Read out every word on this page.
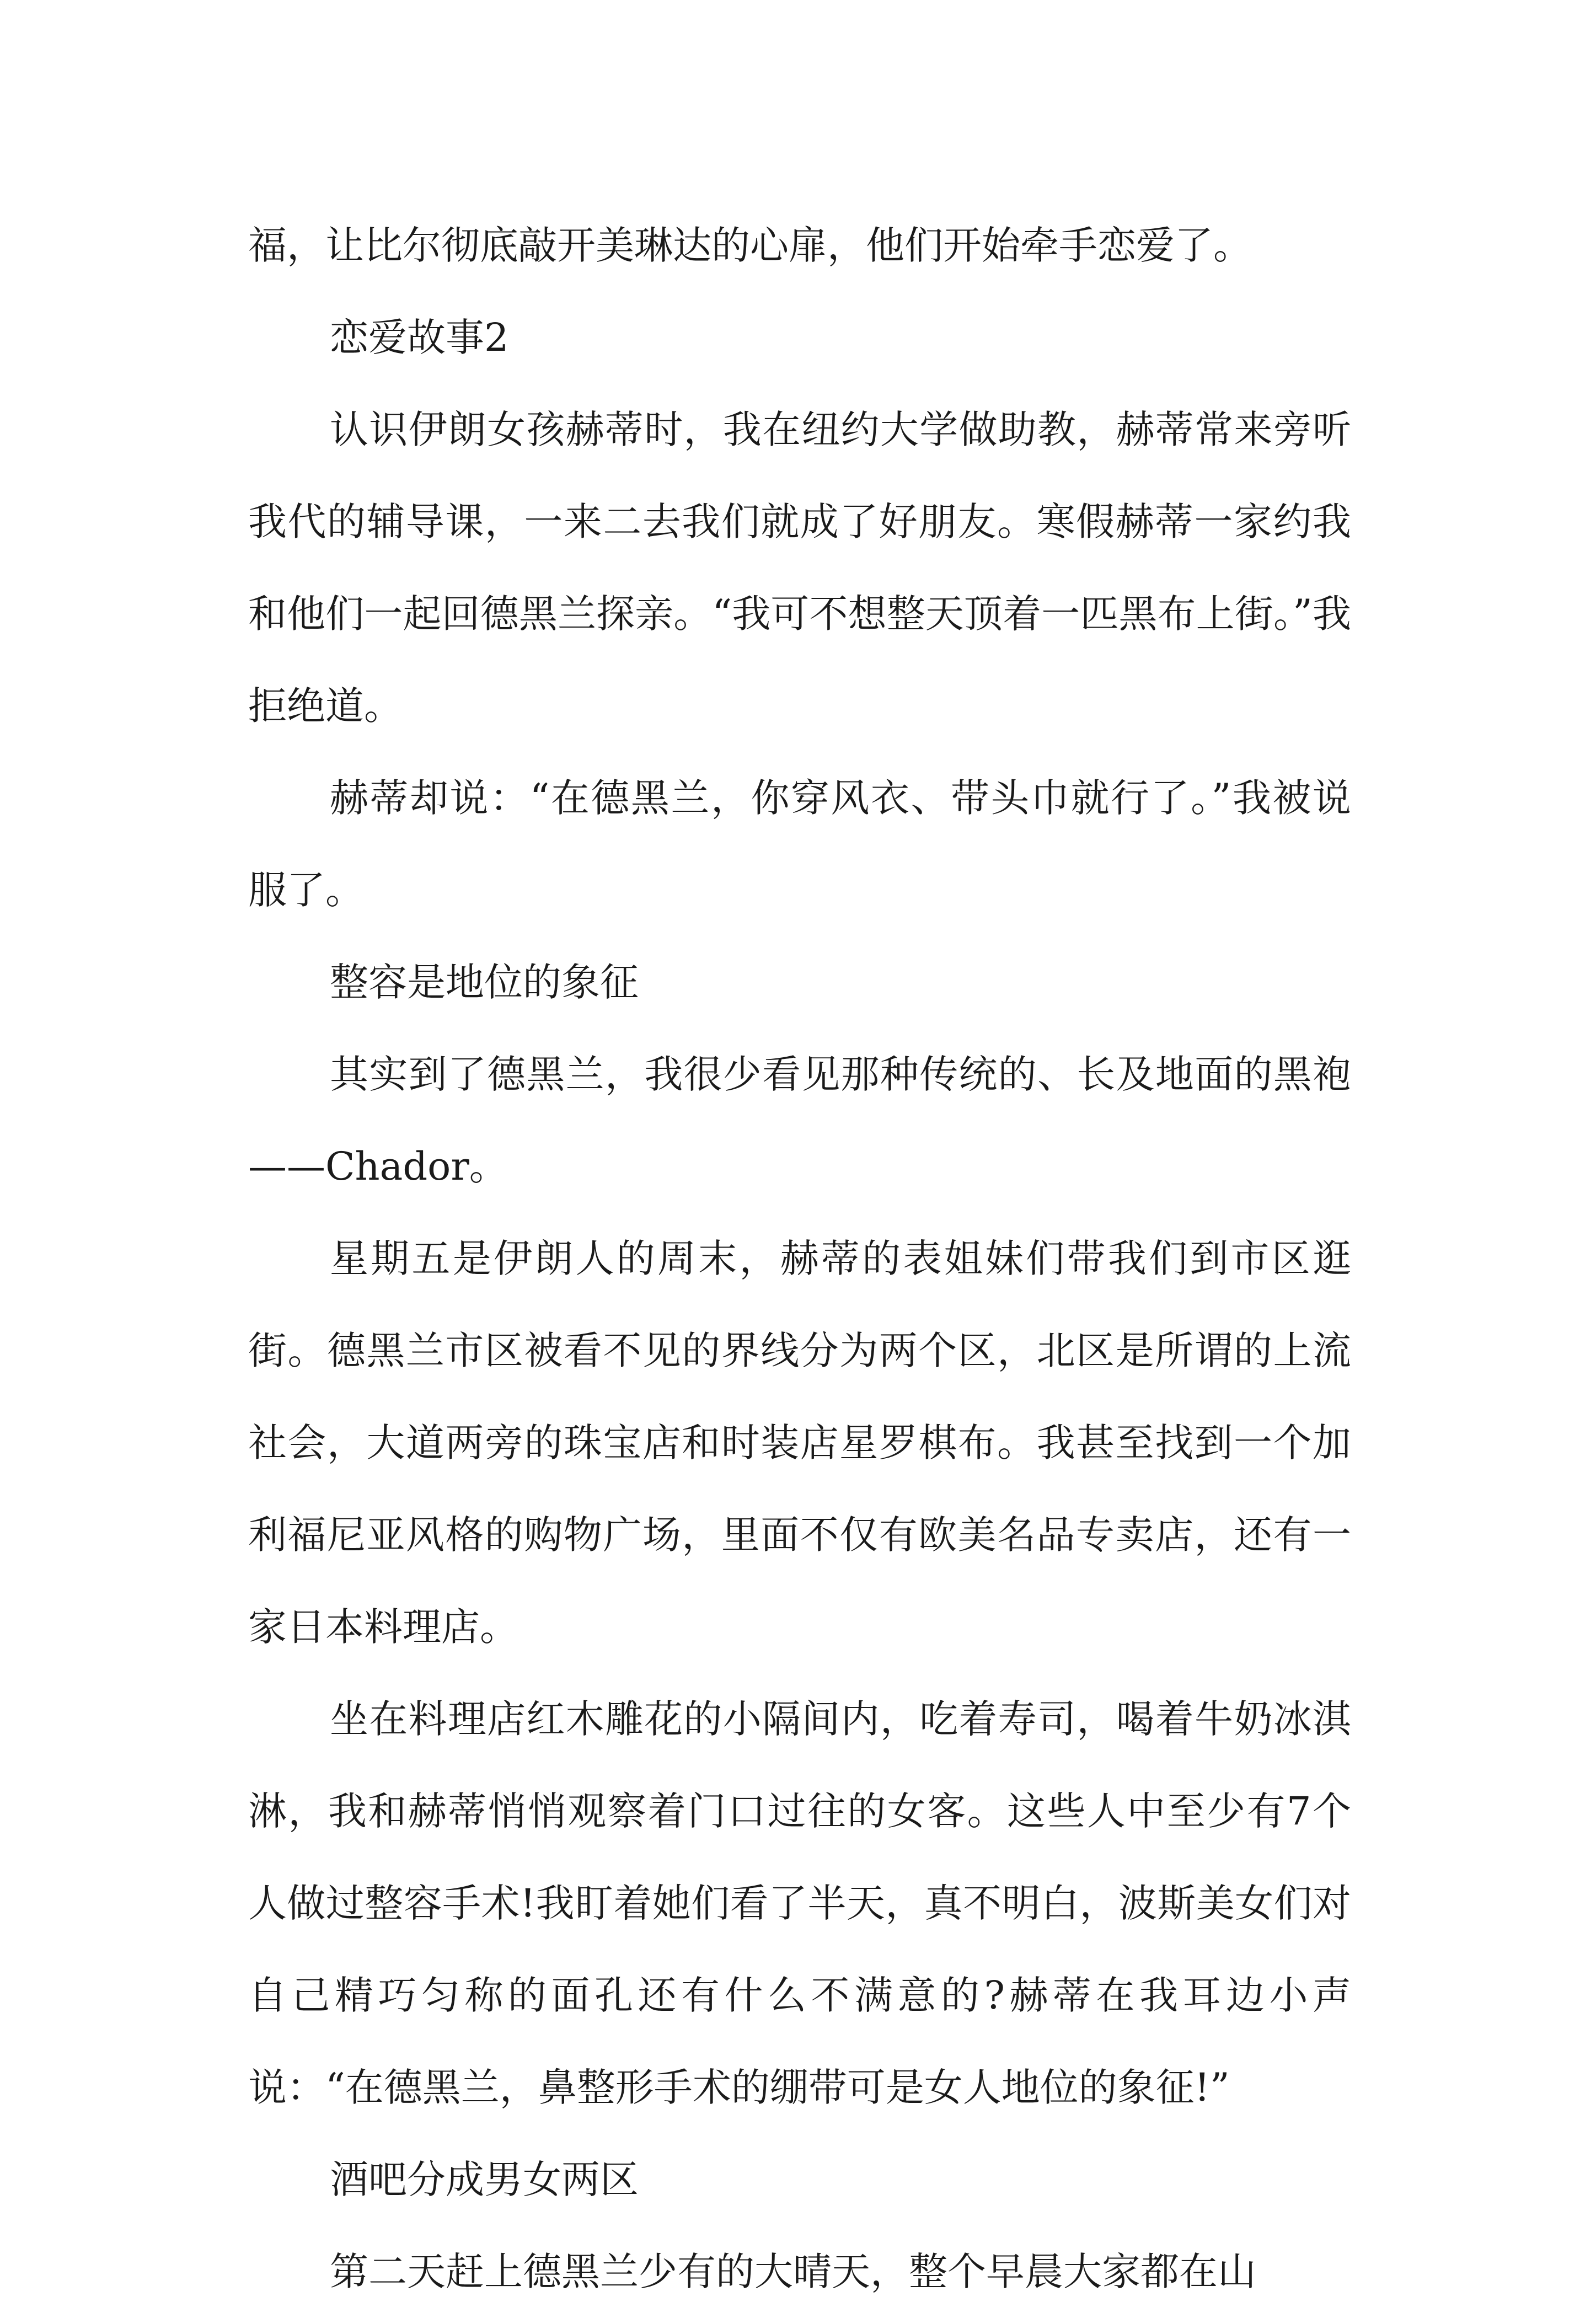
福，让比尔彻底敲开美琳达的心扉，他们开始牵手恋爱了。

恋爱故事2

认识伊朗女孩赫蒂时，我在纽约大学做助教，赫蒂常来旁听我代的辅导课，一来二去我们就成了好朋友。寒假赫蒂一家约我和他们一起回德黑兰探亲。“我可不想整天顶着一匹黑布上街。”我拒绝道。

赫蒂却说：“在德黑兰，你穿风衣、带头巾就行了。”我被说服了。

整容是地位的象征

其实到了德黑兰，我很少看见那种传统的、长及地面的黑袍——Chador。

星期五是伊朗人的周末，赫蒂的表姐妹们带我们到市区逛街。德黑兰市区被看不见的界线分为两个区，北区是所谓的上流社会，大道两旁的珠宝店和时装店星罗棋布。我甚至找到一个加利福尼亚风格的购物广场，里面不仅有欧美名品专卖店，还有一家日本料理店。

坐在料理店红木雕花的小隔间内，吃着寿司，喝着牛奶冰淇淋，我和赫蒂悄悄观察着门口过往的女客。这些人中至少有7个人做过整容手术!我盯着她们看了半天，真不明白，波斯美女们对自己精巧匀称的面孔还有什么不满意的?赫蒂在我耳边小声说：“在德黑兰，鼻整形手术的绷带可是女人地位的象征!”

酒吧分成男女两区

第二天赶上德黑兰少有的大晴天，整个早晨大家都在山
